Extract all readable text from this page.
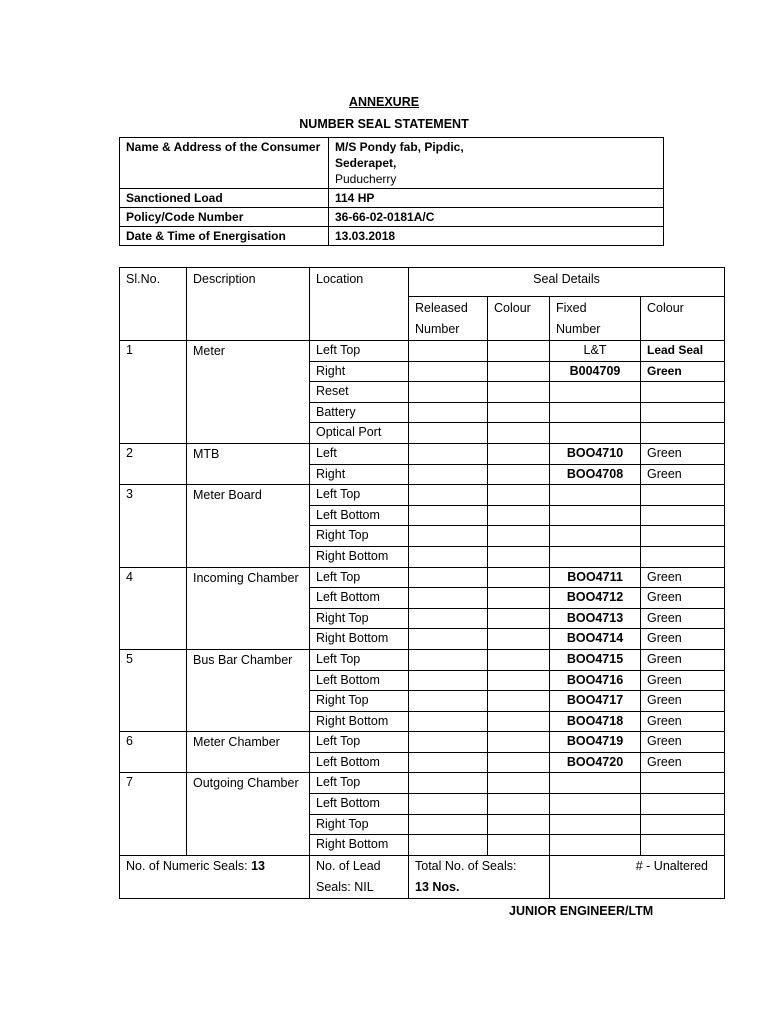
ANNEXURE
NUMBER SEAL STATEMENT
Name & Address of the Consumer	M/S Pondy fab, Pipdic,
Sederapet,
Puducherry

Sanctioned Load	114 HP
Policy/Code Number	36-66-02-0181A/C
Date & Time of Energisation	13.03.2018
Sl.No.	Description	Location	Seal Details			
			Released Number	Colour	Fixed Number	Colour
1	Meter	Left Top			L&T	Lead Seal
		Right			B004709	Green
		Reset				
		Battery				
		Optical Port				
2	MTB	Left			BOO4710	Green
		Right			BOO4708	Green
3	Meter Board	Left Top				
		Left Bottom				
		Right Top				
		Right Bottom				
4	Incoming Chamber	Left Top			BOO4711	Green
		Left Bottom			BOO4712	Green
		Right Top			BOO4713	Green
		Right Bottom			BOO4714	Green
5	Bus Bar Chamber	Left Top			BOO4715	Green
		Left Bottom			BOO4716	Green
		Right Top			BOO4717	Green
		Right Bottom			BOO4718	Green
6	Meter Chamber	Left Top			BOO4719	Green
		Left Bottom			BOO4720	Green
7	Outgoing Chamber	Left Top				
		Left Bottom				
		Right Top				
		Right Bottom				
No. of Numeric Seals: 13		No. of Lead Seals: NIL	Total No. of Seals:
13 Nos.		# - Unaltered	
JUNIOR ENGINEER/LTM
